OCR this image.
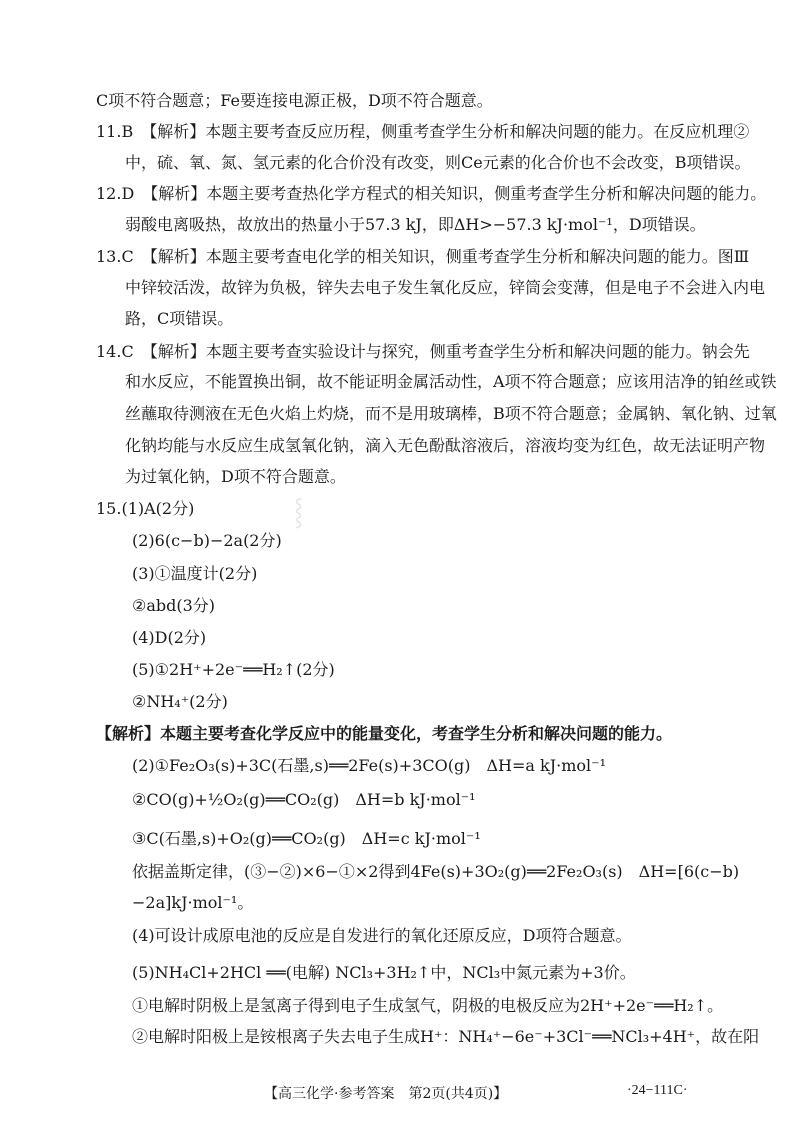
C项不符合题意；Fe要连接电源正极，D项不符合题意。
11.B　【解析】本题主要考查反应历程，侧重考查学生分析和解决问题的能力。在反应机理②
中，硫、氧、氮、氢元素的化合价没有改变，则Ce元素的化合价也不会改变，B项错误。
12.D　【解析】本题主要考查热化学方程式的相关知识，侧重考查学生分析和解决问题的能力。
弱酸电离吸热，故放出的热量小于57.3 kJ，即ΔH>−57.3 kJ·mol⁻¹，D项错误。
13.C　【解析】本题主要考查电化学的相关知识，侧重考查学生分析和解决问题的能力。图Ⅲ
中锌较活泼，故锌为负极，锌失去电子发生氧化反应，锌筒会变薄，但是电子不会进入内电
路，C项错误。
14.C　【解析】本题主要考查实验设计与探究，侧重考查学生分析和解决问题的能力。钠会先
和水反应，不能置换出铜，故不能证明金属活动性，A项不符合题意；应该用洁净的铂丝或铁
丝蘸取待测液在无色火焰上灼烧，而不是用玻璃棒，B项不符合题意；金属钠、氧化钠、过氧
化钠均能与水反应生成氢氧化钠，滴入无色酚酞溶液后，溶液均变为红色，故无法证明产物
为过氧化钠，D项不符合题意。
15.(1)A(2分)
(2)6(c−b)−2a(2分)
(3)①温度计(2分)
②abd(3分)
(4)D(2分)
(5)①2H⁺+2e⁻══H₂↑(2分)
②NH₄⁺(2分)
【解析】本题主要考查化学反应中的能量变化，考查学生分析和解决问题的能力。
(2)①Fe₂O₃(s)+3C(石墨,s)══2Fe(s)+3CO(g)　ΔH=a kJ·mol⁻¹
②CO(g)+½O₂(g)══CO₂(g)　ΔH=b kJ·mol⁻¹
③C(石墨,s)+O₂(g)══CO₂(g)　ΔH=c kJ·mol⁻¹
依据盖斯定律，(③−②)×6−①×2得到4Fe(s)+3O₂(g)══2Fe₂O₃(s)　ΔH=[6(c−b)
−2a]kJ·mol⁻¹。
(4)可设计成原电池的反应是自发进行的氧化还原反应，D项符合题意。
(5)NH₄Cl+2HCl ══(电解) NCl₃+3H₂↑中，NCl₃中氮元素为+3价。
①电解时阴极上是氢离子得到电子生成氢气，阴极的电极反应为2H⁺+2e⁻══H₂↑。
②电解时阳极上是铵根离子失去电子生成H⁺：NH₄⁺−6e⁻+3Cl⁻══NCl₃+4H⁺，故在阳
⸾
【高三化学·参考答案　第2页(共4页)】	·24−111C·
